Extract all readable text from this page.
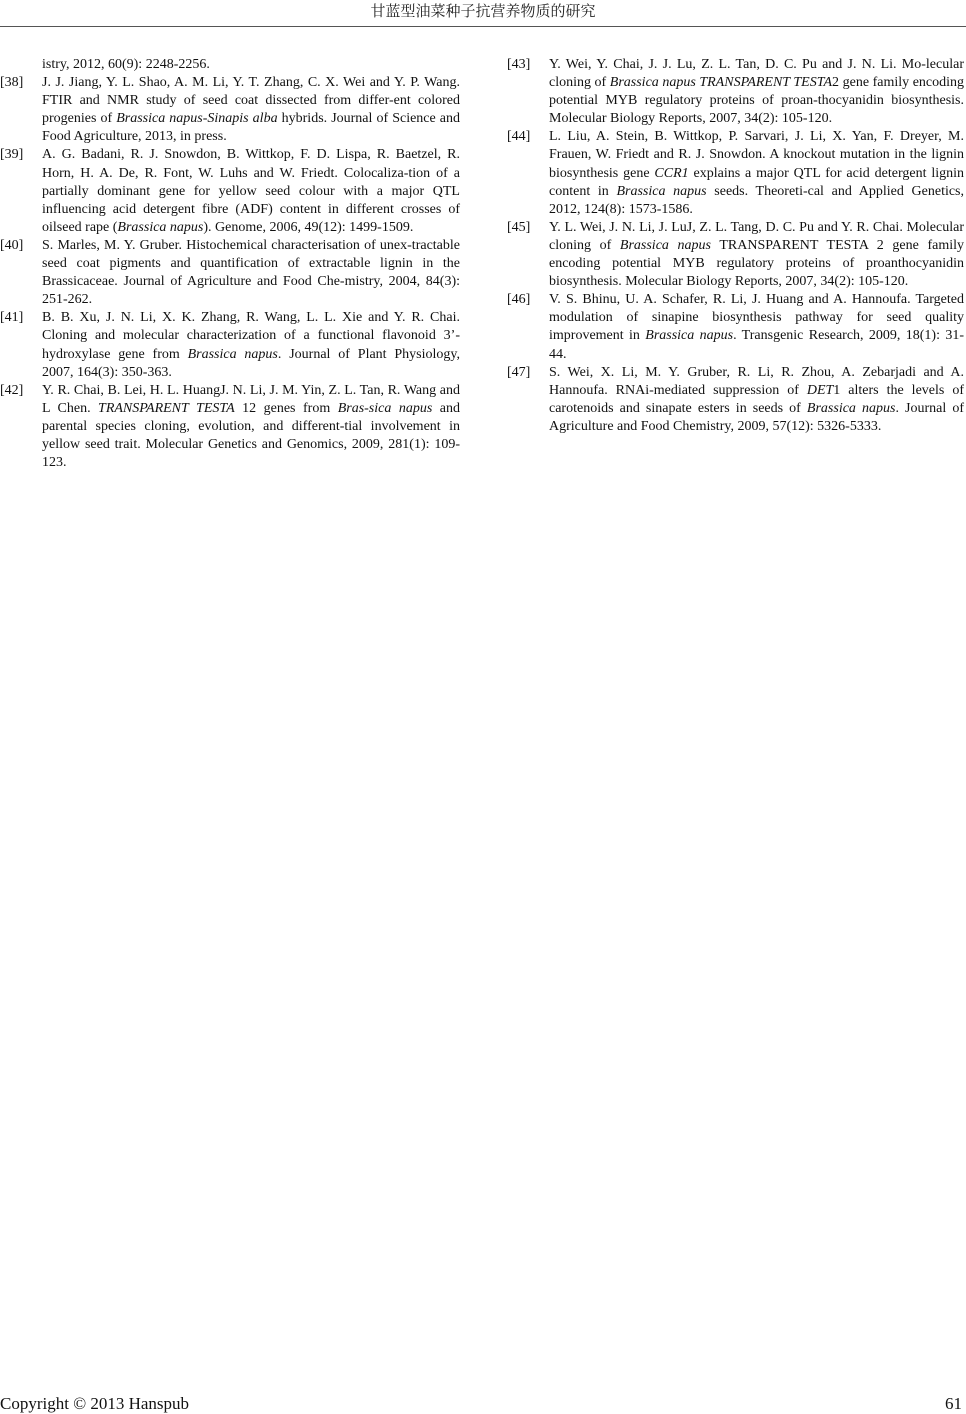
甘蓝型油菜种子抗营养物质的研究
istry, 2012, 60(9): 2248-2256.
[38] J. J. Jiang, Y. L. Shao, A. M. Li, Y. T. Zhang, C. X. Wei and Y. P. Wang. FTIR and NMR study of seed coat dissected from differ-ent colored progenies of Brassica napus-Sinapis alba hybrids. Journal of Science and Food Agriculture, 2013, in press.
[39] A. G. Badani, R. J. Snowdon, B. Wittkop, F. D. Lispa, R. Baetzel, R. Horn, H. A. De, R. Font, W. Luhs and W. Friedt. Colocaliza-tion of a partially dominant gene for yellow seed colour with a major QTL influencing acid detergent fibre (ADF) content in different crosses of oilseed rape (Brassica napus). Genome, 2006, 49(12): 1499-1509.
[40] S. Marles, M. Y. Gruber. Histochemical characterisation of unex-tractable seed coat pigments and quantification of extractable lignin in the Brassicaceae. Journal of Agriculture and Food Che-mistry, 2004, 84(3): 251-262.
[41] B. B. Xu, J. N. Li, X. K. Zhang, R. Wang, L. L. Xie and Y. R. Chai. Cloning and molecular characterization of a functional flavonoid 3’-hydroxylase gene from Brassica napus. Journal of Plant Physiology, 2007, 164(3): 350-363.
[42] Y. R. Chai, B. Lei, H. L. HuangJ. N. Li, J. M. Yin, Z. L. Tan, R. Wang and L Chen. TRANSPARENT TESTA 12 genes from Bras-sica napus and parental species cloning, evolution, and different-tial involvement in yellow seed trait. Molecular Genetics and Genomics, 2009, 281(1): 109-123.
[43] Y. Wei, Y. Chai, J. J. Lu, Z. L. Tan, D. C. Pu and J. N. Li. Mo-lecular cloning of Brassica napus TRANSPARENT TESTA2 gene family encoding potential MYB regulatory proteins of proan-thocyanidin biosynthesis. Molecular Biology Reports, 2007, 34(2): 105-120.
[44] L. Liu, A. Stein, B. Wittkop, P. Sarvari, J. Li, X. Yan, F. Dreyer, M. Frauen, W. Friedt and R. J. Snowdon. A knockout mutation in the lignin biosynthesis gene CCR1 explains a major QTL for acid detergent lignin content in Brassica napus seeds. Theoreti-cal and Applied Genetics, 2012, 124(8): 1573-1586.
[45] Y. L. Wei, J. N. Li, J. LuJ, Z. L. Tang, D. C. Pu and Y. R. Chai. Molecular cloning of Brassica napus TRANSPARENT TESTA 2 gene family encoding potential MYB regulatory proteins of proanthocyanidin biosynthesis. Molecular Biology Reports, 2007, 34(2): 105-120.
[46] V. S. Bhinu, U. A. Schafer, R. Li, J. Huang and A. Hannoufa. Targeted modulation of sinapine biosynthesis pathway for seed quality improvement in Brassica napus. Transgenic Research, 2009, 18(1): 31-44.
[47] S. Wei, X. Li, M. Y. Gruber, R. Li, R. Zhou, A. Zebarjadi and A. Hannoufa. RNAi-mediated suppression of DET1 alters the levels of carotenoids and sinapate esters in seeds of Brassica napus. Journal of Agriculture and Food Chemistry, 2009, 57(12): 5326-5333.
Copyright © 2013 Hanspub	61
